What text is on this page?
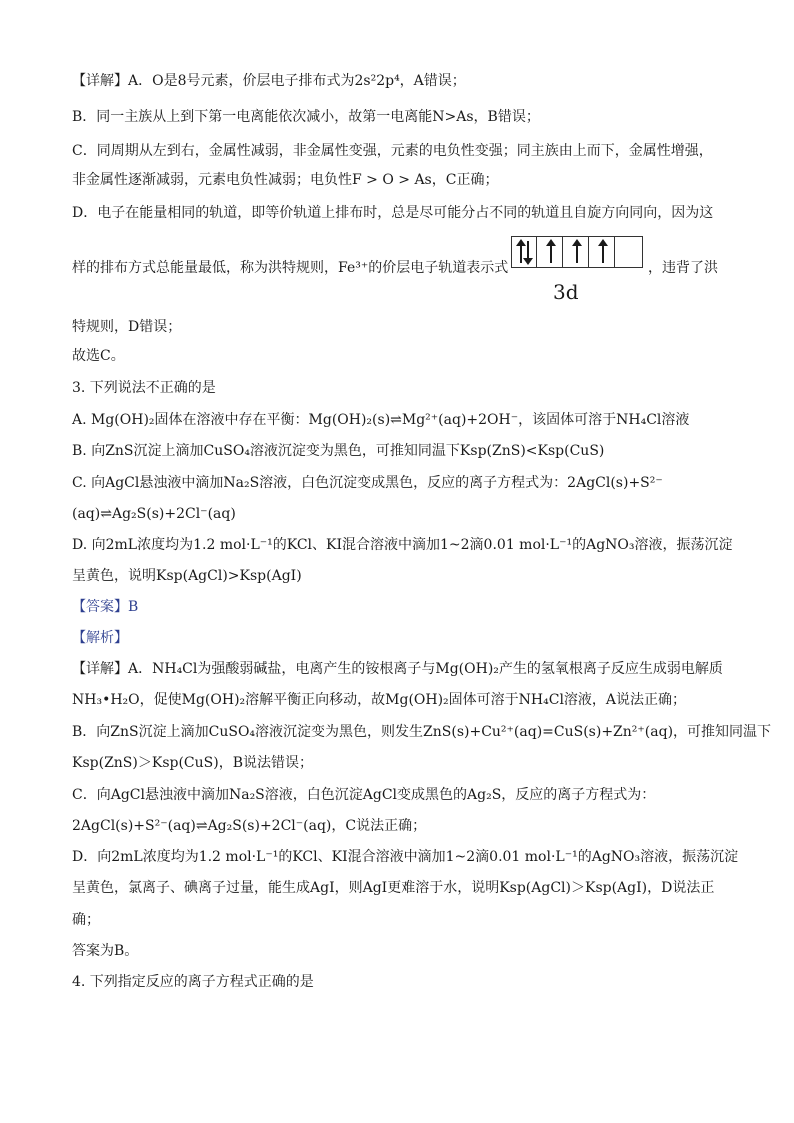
【详解】A．O是8号元素，价层电子排布式为2s²2p⁴，A错误；
B．同一主族从上到下第一电离能依次减小，故第一电离能N>As，B错误；
C．同周期从左到右，金属性减弱，非金属性变强，元素的电负性变强；同主族由上而下，金属性增强，
非金属性逐渐减弱，元素电负性减弱；电负性F > O > As，C正确；
D．电子在能量相同的轨道，即等价轨道上排布时，总是尽可能分占不同的轨道且自旋方向同向，因为这
样的排布方式总能量最低，称为洪特规则，Fe³⁺的价层电子轨道表示式
3d
，违背了洪
特规则，D错误；
故选C。
3. 下列说法不正确的是
A. Mg(OH)₂固体在溶液中存在平衡：Mg(OH)₂(s)⇌Mg²⁺(aq)+2OH⁻，该固体可溶于NH₄Cl溶液
B. 向ZnS沉淀上滴加CuSO₄溶液沉淀变为黑色，可推知同温下Ksp(ZnS)<Ksp(CuS)
C. 向AgCl悬浊液中滴加Na₂S溶液，白色沉淀变成黑色，反应的离子方程式为：2AgCl(s)+S²⁻
(aq)⇌Ag₂S(s)+2Cl⁻(aq)
D. 向2mL浓度均为1.2 mol·L⁻¹的KCl、KI混合溶液中滴加1~2滴0.01 mol·L⁻¹的AgNO₃溶液，振荡沉淀
呈黄色，说明Ksp(AgCl)>Ksp(AgI)
【答案】B
【解析】
【详解】A．NH₄Cl为强酸弱碱盐，电离产生的铵根离子与Mg(OH)₂产生的氢氧根离子反应生成弱电解质
NH₃•H₂O，促使Mg(OH)₂溶解平衡正向移动，故Mg(OH)₂固体可溶于NH₄Cl溶液，A说法正确；
B．向ZnS沉淀上滴加CuSO₄溶液沉淀变为黑色，则发生ZnS(s)+Cu²⁺(aq)=CuS(s)+Zn²⁺(aq)，可推知同温下
Ksp(ZnS)＞Ksp(CuS)，B说法错误；
C．向AgCl悬浊液中滴加Na₂S溶液，白色沉淀AgCl变成黑色的Ag₂S，反应的离子方程式为：
2AgCl(s)+S²⁻(aq)⇌Ag₂S(s)+2Cl⁻(aq)，C说法正确；
D．向2mL浓度均为1.2 mol·L⁻¹的KCl、KI混合溶液中滴加1~2滴0.01 mol·L⁻¹的AgNO₃溶液，振荡沉淀
呈黄色，氯离子、碘离子过量，能生成AgI，则AgI更难溶于水，说明Ksp(AgCl)＞Ksp(AgI)，D说法正
确；
答案为B。
4. 下列指定反应的离子方程式正确的是
